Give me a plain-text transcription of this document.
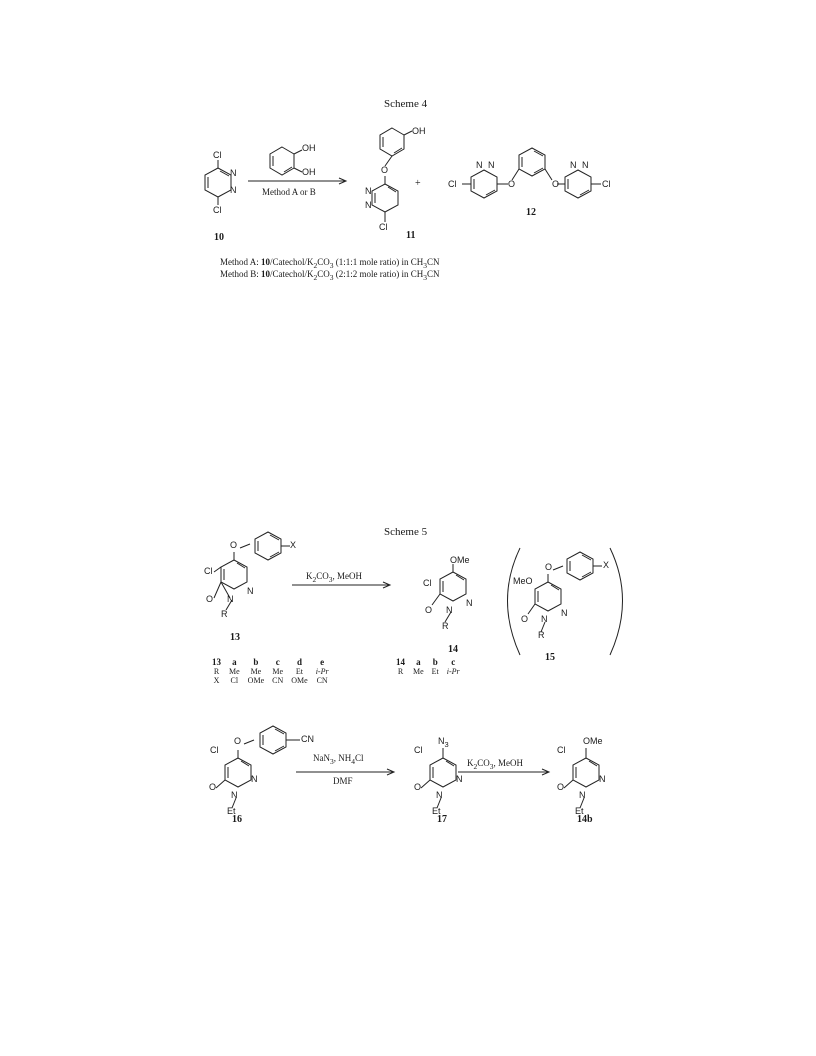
Scheme 4
Cl
N
N
Cl
10
OH
OH
Method A or B
OH
O
N
N
Cl
11
+	Cl
N N
O	O
N N
Cl
12
Method A: $10/Catechol/K_2CO_3$ (1:1:1 mole ratio) in $CH_3CN$
Method B: $10/Catechol/K_2CO_3$ (2:1:2 mole ratio) in $CH_3CN$
Scheme 5
O	X
Cl
O N
N
R
13
$K_2CO_3$, MeOH
OMe
Cl
O N
N
R
14
O	X
MeO
O N
N
R
15
13	a	b	c	d	e
R	Me	Me	Me	Et	i-Pr
X	Cl	OMe	CN	OMe	CN
14	a	b	c
R	Me	Et	i-Pr
O	CN
Cl
O
N
N
Et
16
NaN$_3$, $NH_4Cl$
DMF
$N_3$
Cl
O
N
N
Et
17
$K_2CO_3$, MeOH
OMe
Cl
O
N
N
Et
14b
